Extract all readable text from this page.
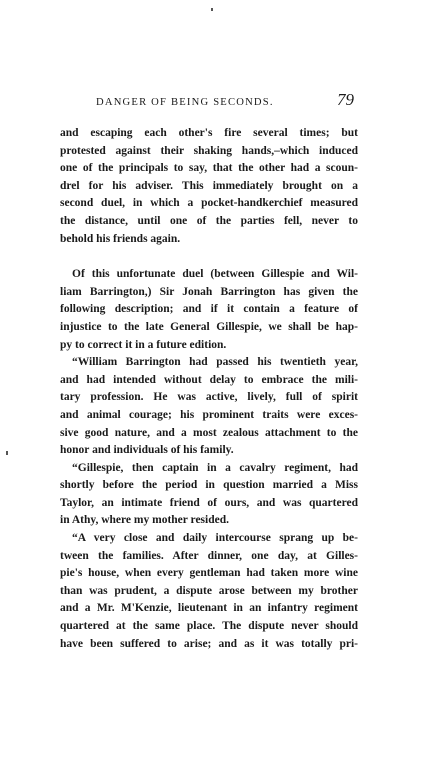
DANGER OF BEING SECONDS.	79

and escaping each other's fire several times; but

protested against their shaking hands,–which induced

one of the principals to say, that the other had a scoun-

drel for his adviser. This immediately brought on a

second duel, in which a pocket-handkerchief measured

the distance, until one of the parties fell, never to

behold his friends again.

Of this unfortunate duel (between Gillespie and Wil-

liam Barrington,) Sir Jonah Barrington has given the

following description; and if it contain a feature of

injustice to the late General Gillespie, we shall be hap-

py to correct it in a future edition.

“William Barrington had passed his twentieth year,

and had intended without delay to embrace the mili-

tary profession. He was active, lively, full of spirit

and animal courage; his prominent traits were exces-

sive good nature, and a most zealous attachment to the

honor and individuals of his family.

“Gillespie, then captain in a cavalry regiment, had

shortly before the period in question married a Miss

Taylor, an intimate friend of ours, and was quartered

in Athy, where my mother resided.

“A very close and daily intercourse sprang up be-

tween the families. After dinner, one day, at Gilles-

pie's house, when every gentleman had taken more wine

than was prudent, a dispute arose between my brother

and a Mr. M'Kenzie, lieutenant in an infantry regiment

quartered at the same place. The dispute never should

have been suffered to arise; and as it was totally pri-
